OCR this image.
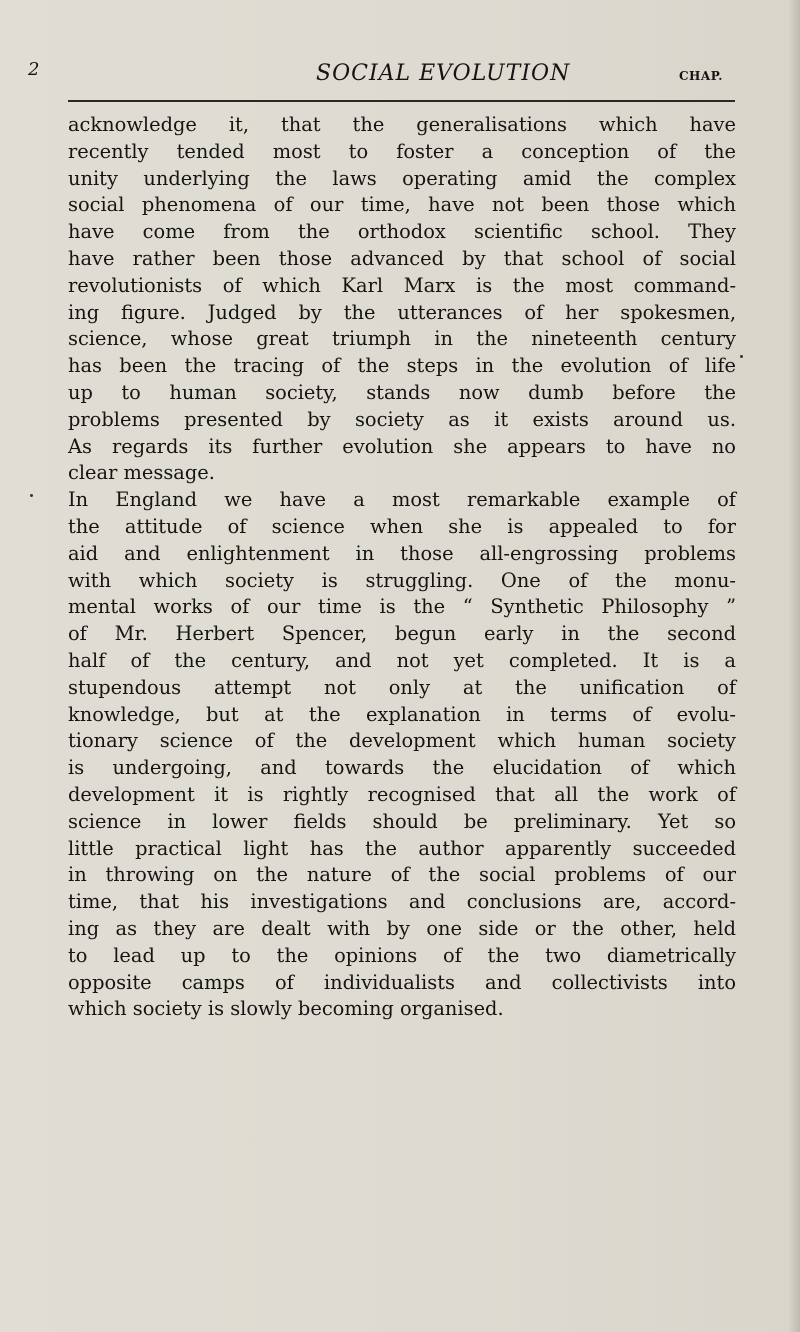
2	SOCIAL EVOLUTION	CHAP.
acknowledge it, that the generalisations which have
recently tended most to foster a conception of the
unity underlying the laws operating amid the complex
social phenomena of our time, have not been those which
have come from the orthodox scientific school. They
have rather been those advanced by that school of social
revolutionists of which Karl Marx is the most command-
ing figure. Judged by the utterances of her spokesmen,
science, whose great triumph in the nineteenth century
has been the tracing of the steps in the evolution of life
up to human society, stands now dumb before the
problems presented by society as it exists around us.
As regards its further evolution she appears to have no
clear message.
In England we have a most remarkable example of
the attitude of science when she is appealed to for
aid and enlightenment in those all-engrossing problems
with which society is struggling. One of the monu-
mental works of our time is the “ Synthetic Philosophy ”
of Mr. Herbert Spencer, begun early in the second
half of the century, and not yet completed. It is a
stupendous attempt not only at the unification of
knowledge, but at the explanation in terms of evolu-
tionary science of the development which human society
is undergoing, and towards the elucidation of which
development it is rightly recognised that all the work of
science in lower fields should be preliminary. Yet so
little practical light has the author apparently succeeded
in throwing on the nature of the social problems of our
time, that his investigations and conclusions are, accord-
ing as they are dealt with by one side or the other, held
to lead up to the opinions of the two diametrically
opposite camps of individualists and collectivists into
which society is slowly becoming organised.
